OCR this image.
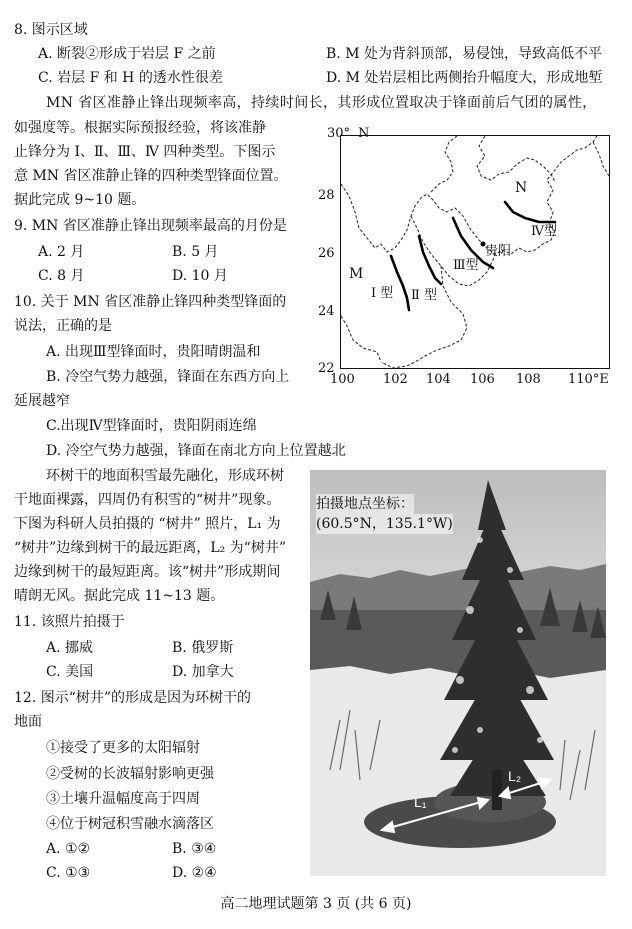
8. 图示区域
A. 断裂②形成于岩层 F 之前	B. M 处为背斜顶部，易侵蚀，导致高低不平
C. 岩层 F 和 H 的透水性很差	D. M 处岩层相比两侧抬升幅度大，形成地堑
MN 省区准静止锋出现频率高，持续时间长，其形成位置取决于锋面前后气团的属性，
如强度等。根据实际预报经验，将该准静
止锋分为 Ⅰ、Ⅱ、Ⅲ、Ⅳ 四种类型。下图示
意 MN 省区准静止锋的四种类型锋面位置。
据此完成 9~10 题。
9. MN 省区准静止锋出现频率最高的月份是
A. 2 月	B. 5 月
C. 8 月	D. 10 月
10. 关于 MN 省区准静止锋四种类型锋面的
说法，正确的是
A. 出现Ⅲ型锋面时，贵阳晴朗温和
B. 冷空气势力越强，锋面在东西方向上
延展越窄
C.出现Ⅳ型锋面时，贵阳阴雨连绵
D. 冷空气势力越强，锋面在南北方向上位置越北
30° N
28
26
24
22
100 102 104 106 108 110°E
M
N
贵阳
Ⅰ 型 Ⅱ 型
Ⅲ型
Ⅳ型
环树干的地面积雪最先融化，形成环树
干地面裸露，四周仍有积雪的“树井”现象。
下图为科研人员拍摄的 “树井” 照片，L₁ 为
“树井”边缘到树干的最远距离，L₂ 为“树井”
边缘到树干的最短距离。该“树井”形成期间
晴朗无风。据此完成 11~13 题。
11. 该照片拍摄于
A. 挪威	B. 俄罗斯
C. 美国	D. 加拿大
12. 图示“树井”的形成是因为环树干的
地面
①接受了更多的太阳辐射
②受树的长波辐射影响更强
③土壤升温幅度高于四周
④位于树冠积雪融水滴落区
A. ①②	B. ③④
C. ①③	D. ②④
拍摄地点坐标：
(60.5°N，135.1°W)
L₁
L₂
高二地理试题第 3 页 (共 6 页)
